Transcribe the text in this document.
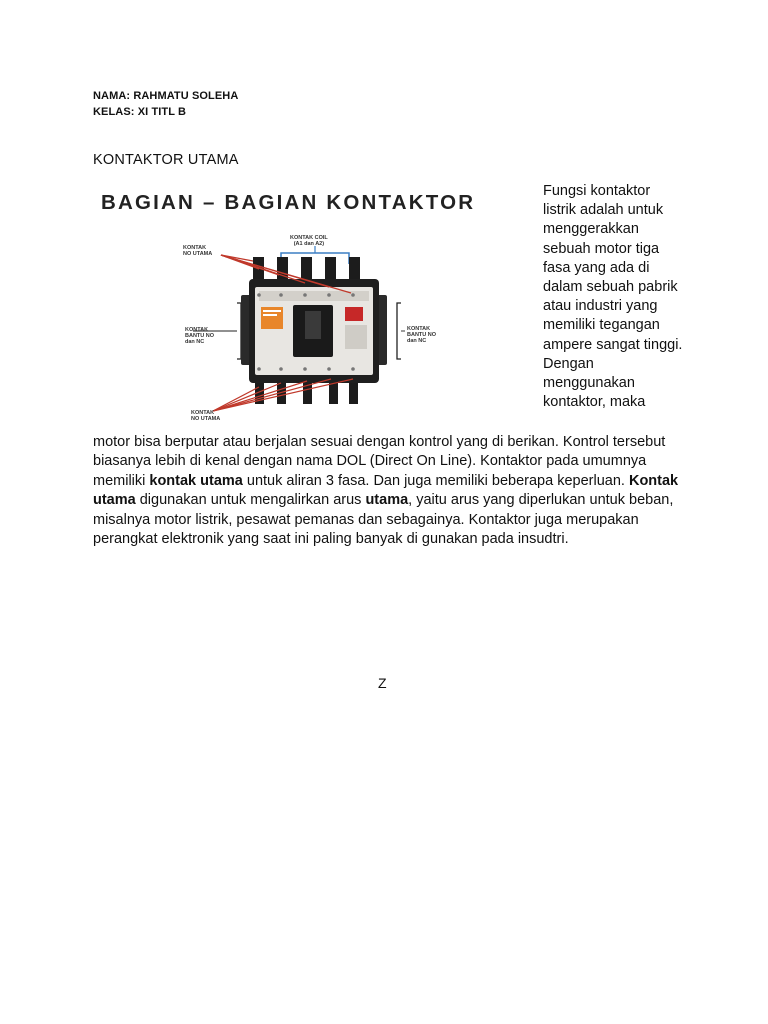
NAMA: RAHMATU SOLEHA
KELAS: XI TITL B
KONTAKTOR UTAMA
BAGIAN – BAGIAN KONTAKTOR
KONTAK COIL
(A1 dan A2)
KONTAK
NO UTAMA
KONTAK
BANTU NO
dan NC
KONTAK
BANTU NO
dan NC
KONTAK
NO UTAMA
Fungsi kontaktor listrik adalah untuk menggerakkan sebuah motor tiga fasa yang ada di dalam sebuah pabrik atau industri yang memiliki tegangan ampere sangat tinggi. Dengan menggunakan kontaktor, maka
motor bisa berputar atau berjalan sesuai dengan kontrol yang di berikan. Kontrol tersebut biasanya lebih di kenal dengan nama DOL (Direct On Line). Kontaktor pada umumnya memiliki kontak utama untuk aliran 3 fasa. Dan juga memiliki beberapa keperluan. Kontak utama digunakan untuk mengalirkan arus utama, yaitu arus yang diperlukan untuk beban, misalnya motor listrik, pesawat pemanas dan sebagainya. Kontaktor juga merupakan perangkat elektronik yang saat ini paling banyak di gunakan pada insudtri.
Z
